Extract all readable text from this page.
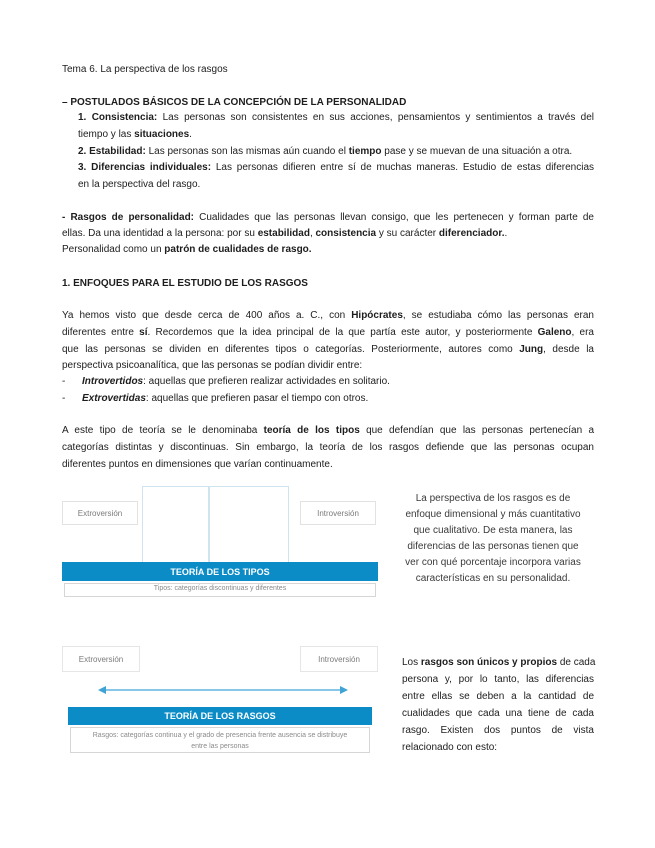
Tema 6. La perspectiva de los rasgos
– POSTULADOS BÁSICOS DE LA CONCEPCIÓN DE LA PERSONALIDAD
1. Consistencia: Las personas son consistentes en sus acciones, pensamientos y sentimientos a través del
tiempo y las situaciones.
2. Estabilidad: Las personas son las mismas aún cuando el tiempo pase y se muevan de una situación a otra.
3. Diferencias individuales: Las personas difieren entre sí de muchas maneras. Estudio de estas diferencias
en la perspectiva del rasgo.
- Rasgos de personalidad: Cualidades que las personas llevan consigo, que les pertenecen y forman parte de
ellas. Da una identidad a la persona: por su estabilidad, consistencia y su carácter diferenciador..
Personalidad como un patrón de cualidades de rasgo.
1. ENFOQUES PARA EL ESTUDIO DE LOS RASGOS
Ya hemos visto que desde cerca de 400 años a. C., con Hipócrates, se estudiaba cómo las personas eran
diferentes entre sí. Recordemos que la idea principal de la que partía este autor, y posteriormente Galeno, era
que las personas se dividen en diferentes tipos o categorías. Posteriormente, autores como Jung, desde la
perspectiva psicoanalítica, que las personas se podían dividir entre:
- Introvertidos: aquellas que prefieren realizar actividades en solitario.
- Extrovertidas: aquellas que prefieren pasar el tiempo con otros.
A este tipo de teoría se le denominaba teoría de los tipos que defendían que las personas pertenecían a
categorías distintas y discontinuas. Sin embargo, la teoría de los rasgos defiende que las personas ocupan
diferentes puntos en dimensiones que varían continuamente.
Extroversión	Introversión
TEORÍA DE LOS TIPOS
Tipos: categorías discontinuas y diferentes
La perspectiva de los rasgos es de
enfoque dimensional y más cuantitativo
que cualitativo. De esta manera, las
diferencias de las personas tienen que
ver con qué porcentaje incorpora varias
características en su personalidad.
Extroversión	Introversión
TEORÍA DE LOS RASGOS
Rasgos: categorías continua y el grado de presencia frente ausencia se distribuye
entre las personas
Los rasgos son únicos y propios de cada
persona y, por lo tanto, las diferencias
entre ellas se deben a la cantidad de
cualidades que cada una tiene de cada
rasgo. Existen dos puntos de vista
relacionado con esto:
